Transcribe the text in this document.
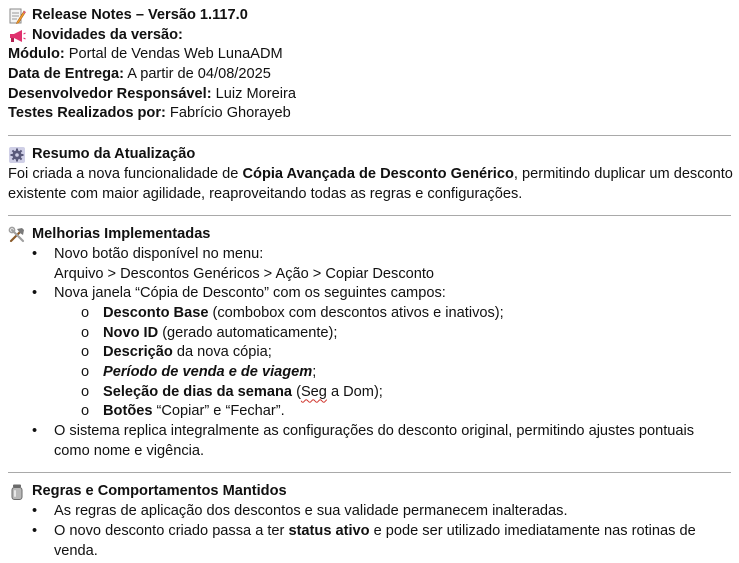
Release Notes – Versão 1.117.0
Novidades da versão:
Módulo: Portal de Vendas Web LunaADM
Data de Entrega: A partir de 04/08/2025
Desenvolvedor Responsável: Luiz Moreira
Testes Realizados por: Fabrício Ghorayeb
Resumo da Atualização
Foi criada a nova funcionalidade de Cópia Avançada de Desconto Genérico, permitindo duplicar um desconto
existente com maior agilidade, reaproveitando todas as regras e configurações.
Melhorias Implementadas
• Novo botão disponível no menu:
Arquivo > Descontos Genéricos > Ação > Copiar Desconto
• Nova janela “Cópia de Desconto” com os seguintes campos:
o Desconto Base (combobox com descontos ativos e inativos);
o Novo ID (gerado automaticamente);
o Descrição da nova cópia;
o Período de venda e de viagem;
o Seleção de dias da semana (Seg a Dom);
o Botões “Copiar” e “Fechar”.
• O sistema replica integralmente as configurações do desconto original, permitindo ajustes pontuais
como nome e vigência.
Regras e Comportamentos Mantidos
• As regras de aplicação dos descontos e sua validade permanecem inalteradas.
• O novo desconto criado passa a ter status ativo e pode ser utilizado imediatamente nas rotinas de
venda.
